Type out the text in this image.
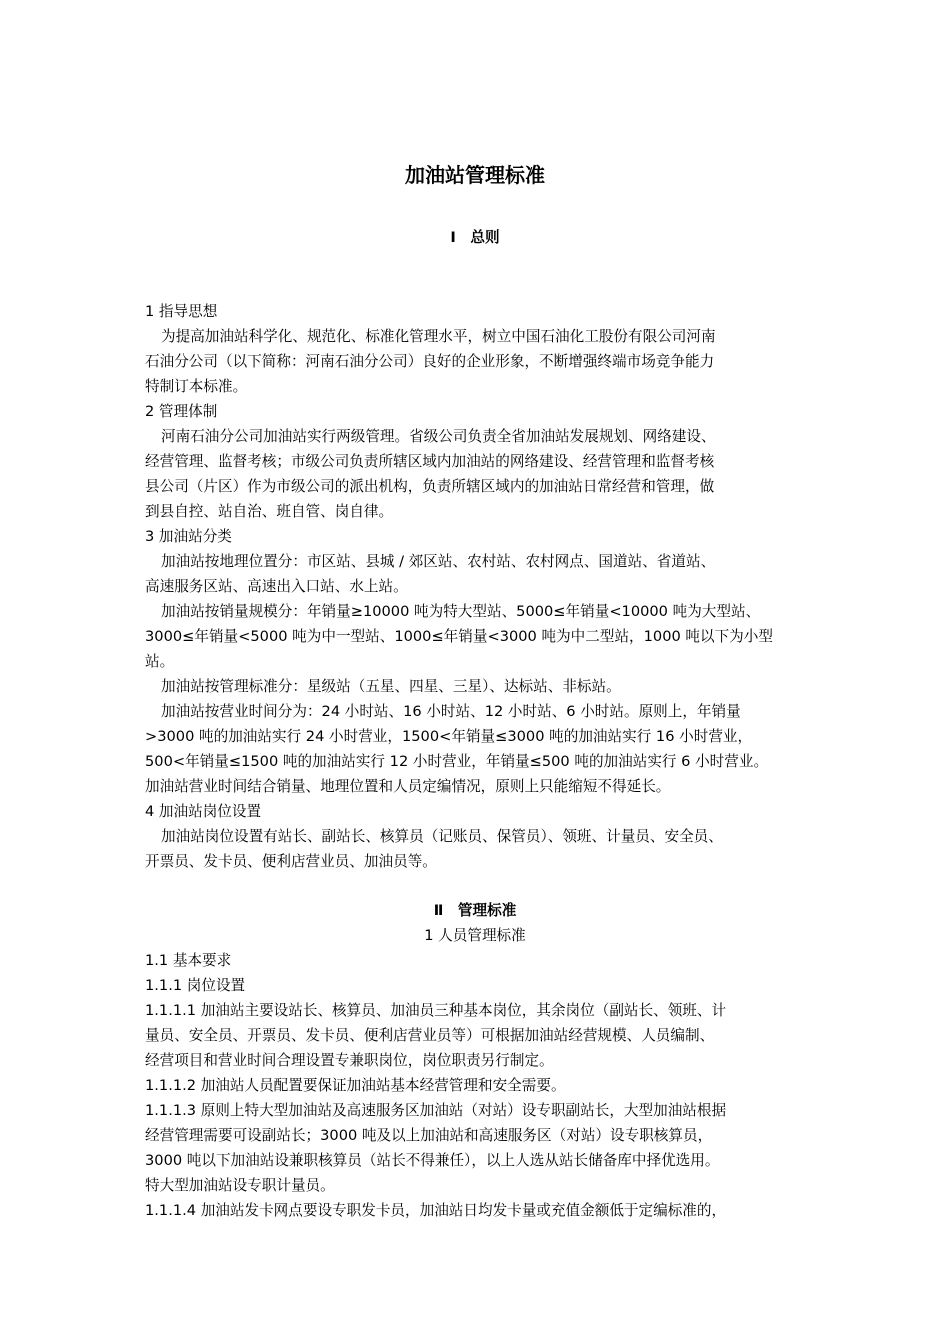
加油站管理标准
Ⅰ　总则
1 指导思想
为提高加油站科学化、规范化、标准化管理水平，树立中国石油化工股份有限公司河南
石油分公司（以下简称：河南石油分公司）良好的企业形象，不断增强终端市场竞争能力
特制订本标准。
2 管理体制
河南石油分公司加油站实行两级管理。省级公司负责全省加油站发展规划、网络建设、
经营管理、监督考核；市级公司负责所辖区域内加油站的网络建设、经营管理和监督考核
县公司（片区）作为市级公司的派出机构，负责所辖区域内的加油站日常经营和管理，做
到县自控、站自治、班自管、岗自律。
3 加油站分类
加油站按地理位置分：市区站、县城 / 郊区站、农村站、农村网点、国道站、省道站、
高速服务区站、高速出入口站、水上站。
加油站按销量规模分：年销量≥10000 吨为特大型站、5000≤年销量<10000 吨为大型站、
3000≤年销量<5000 吨为中一型站、1000≤年销量<3000 吨为中二型站，1000 吨以下为小型
站。
加油站按管理标准分：星级站（五星、四星、三星）、达标站、非标站。
加油站按营业时间分为：24 小时站、16 小时站、12 小时站、6 小时站。原则上，年销量
>3000 吨的加油站实行 24 小时营业，1500<年销量≤3000 吨的加油站实行 16 小时营业，
500<年销量≤1500 吨的加油站实行 12 小时营业，年销量≤500 吨的加油站实行 6 小时营业。
加油站营业时间结合销量、地理位置和人员定编情况，原则上只能缩短不得延长。
4 加油站岗位设置
加油站岗位设置有站长、副站长、核算员（记账员、保管员）、领班、计量员、安全员、
开票员、发卡员、便利店营业员、加油员等。
Ⅱ　管理标准
1 人员管理标准
1.1 基本要求
1.1.1 岗位设置
1.1.1.1 加油站主要设站长、核算员、加油员三种基本岗位，其余岗位（副站长、领班、计
量员、安全员、开票员、发卡员、便利店营业员等）可根据加油站经营规模、人员编制、
经营项目和营业时间合理设置专兼职岗位，岗位职责另行制定。
1.1.1.2 加油站人员配置要保证加油站基本经营管理和安全需要。
1.1.1.3 原则上特大型加油站及高速服务区加油站（对站）设专职副站长，大型加油站根据
经营管理需要可设副站长；3000 吨及以上加油站和高速服务区（对站）设专职核算员，
3000 吨以下加油站设兼职核算员（站长不得兼任），以上人选从站长储备库中择优选用。
特大型加油站设专职计量员。
1.1.1.4 加油站发卡网点要设专职发卡员，加油站日均发卡量或充值金额低于定编标准的，
